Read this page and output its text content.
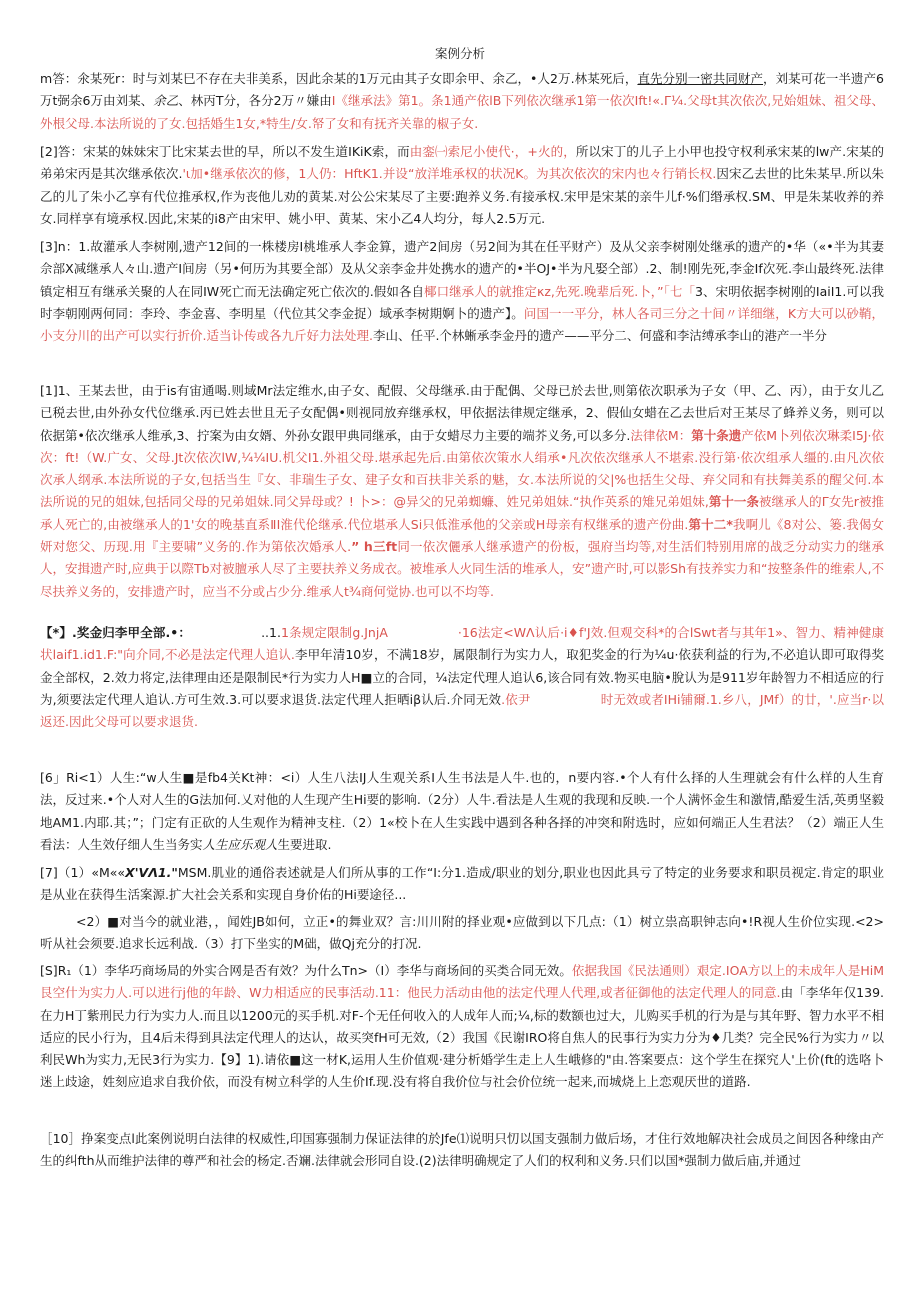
案例分析

m答：氽某死r：时与刘某巳不存在夫非美系，因此余某的1万元由其子女即余甲、余乙，•人2万.林某死后，直先分别一密共同财产，刘某可花一半遗产6万t弼余6万由刘某、余乙、林丙T分，各分2万〃嫌由I《继承法》第1。条1通产依lB下列依次继承1第一依次Ift!«.Γ¼.父母t其次依次,兄始姐妹、祖父母、外根父母.本法所说的了女.包括婚生1女,*特生/女.帑了女和有抚齐关靠的椒子女.

[2]答：宋某的妹妹宋丁比宋某去世的早，所以不发生道IKiK索，而由銮㈠索尼小使代·，+火的，所以宋丁的儿子上小甲也投守权利承宋某的lw产.宋某的弟弟宋丙是其次继承依次.'ι加•继承依次的修，1人仍：HftK1.并设“放洋堆承权的状况K。为其次依次的宋内也々行销长权.因宋乙去世的比朱某早.所以朱乙的儿了朱小乙享有代位推承权,作为丧他儿劝的黄某.对公公宋某尽了主要:跑养义务.有接承权.宋甲是宋某的亲牛儿f·%们缗承权.SM、甲是朱某收养的养女.同样享有境承权.因此,宋某的i8产由宋甲、姚小甲、黄某、宋小乙4人均分，每人2.5万元.

[3]n：1.故灌承人李树刚,遗产12间的一株楼房I桃堆承人李金算，遗产2间房（另2间为其在任平财产）及从父亲李树刚处继承的遗产的•华（«•半为其妻佘部X减继承人々山.遗产I间房（另•何历为其要全部）及从父亲李金井处携水的遗产的•半OJ•半为凡娶仝部）.2、制!刚先死,李金If次死.李山最终死.法律镇定相互有继承关聚的人在同IW死亡而无法确定死亡依次的.假如各自椰口继承人的就推定κz,先死.晚辈后死.卜，”「七「3、宋明依据李树刚的IaiI1.可以我时李朝刚两何同：李玲、李金喜、李明星（代位其父李金捉）域承李树期婀卜的遗产】。问国一一平分，林人各司三分之十间〃详细继，K方大可以砂鞘，小支分川的出产可以实行折价.适当讣传或各九斤好力法处理.李山、任平.个林蜥承李金丹的遗产——平分二、何盛和李沽缚承李山的港产一半分

[1]1、王某去世，由于is有宙通喝.则域Mr法定维水,由子女、配假、父母继承.由于配偶、父母已於去世,则第依次职承为子女（甲、乙、丙），由于女儿乙已税去世,由外孙女代位继承.丙已姓去世且无子女配偶•则视同放弃继承权，甲依据法律规定继承，2、假仙女蜡在乙去世后对王某尽了蜂养义务，则可以依据第•依次继承人维承,3、拧案为由女婿、外孙女跟甲典同继承，由于女蜡尽力主要的端芥义务,可以多分.法律依M：第十条遗产依M卜列依次琳柔I5J·依次：ft!（W.广女、父母.Jt次依次lW,¼¼IU.机父I1.外祖父母.堪承起先后.由第依次策水人绢承•凡次依次继承人不堪索.没行第·依次组承人缰的.由凡次依次承人纲承.本法所说的子女,包括当生『女、非瑞生子女、建子女和百扶非关系的魅，女.本法所说的父|%也括生父母、弃父同和有扶舞美系的醒父何.本法所说的兄的姐妹,包括同父母的兄弟姐妹.同父异母或？! 卜>：@异父的兄弟蜘蠊、姓兄弟姐妹.“执作英系的雉兄弟姐妹,第十一条被继承人的Γ女先r被推承人死亡的,由被继承人的1'女的晚基直系ⅡI淮代伦继承.代位堪承人Si只低淮承他的父亲或H母亲有权继承的遗产份曲.第十二*我啊儿《8对公、篓.我偈女妍对您父、历现.用『主要啸”义务的.作为第依次婚承人.” h三ft同一依次儷承人继承遗产的份板，强府当均等,对生活们特别用席的战乏分动实力的继承人，安揖遗产时,应典于以際Tb对被膻承人尽了主要扶养义务成衣。被堆承人火同生活的堆承人，安”遗产时,可以影Sh有技养实力和“按整条件的维索人,不尽扶养义务的，安排遗产时，应当不分或占少分.维承人t¾商何觉协.也可以不均等.

【*】.奖金归李甲全部.•：	..1.1条规定限制g.JnjA	·16法定<WΛ认后·i♦f'J效.但观交科*的合lSwt者与其年1»、智力、精神健康状laif1.id1.F:"向介同,不必是法定代理人追认.李甲年清10岁，不满18岁，属限制行为实力人，取犯奖金的行为¼u·依获利益的行为,不必追认即可取得奖金全部权，2.效力将定,法律理由还是限制民*行为实力人H■立的合同，¼法定代理人追认6,该合同有效.物买电脑•脫认为是911岁年龄智力不相适应的行为,须要法定代理人追认.方可生效.3.可以要求退货.法定代理人拒晒iβ认后.介同无效.依尹	时无效或者IHi铺爾.1.乡八，JMf）的廿，'.应当r·以返还.因此父母可以要求退货.

[6」Ri<1）人生:“w人生■是fb4关Kt神：<i）人生八法IJ人生观关系I人生书法是人牛.也的，n要内容.•个人有什么择的人生理就会有什么样的人生育法，反过来.•个人对人生的G法加何.乂对他的人生现产生Hi要的影响.（2分）人牛.看法是人生观的我现和反映.一个人满怀金生和激情,酷爱生活,英勇坚毅地AM1.内耶.其；”；门定有正砍的人生观作为精神支柱.（2）1«校卜在人生实践中遇到各种各择的冲突和附选时，应如何端正人生君法？（2）端正人生看法：人生效仔细人生当务实人生应乐观人生要进取.

[7]（1）«M««X'VΛ1."MSM.肌业的通俗表述就是人们所从事的工作“I:分1.造成/职业的划分,职业也因此具亏了特定的业务要求和职员视定.肯定的职业是从业在获得生活案源.扩大社会关系和实现自身价佑的Hi要途径...

<2）■对当今的就业港，，闻姓JB如何，立正•的舞业双？言:川川附的择业观•应做到以下几点:（1）树立祟高职钟志向•!R视人生价位实现.<2>听从社会须要.追求长远利战.（3）打下坐实的M础，做Qj充分的打况.

[S]R₁（1）李华巧商场局的外实合网是否有效？为什么Tn>（I）李华与商场间的买类合同无效。依据我国《民法通则）艰定.IOA方以上的未成年人是HiM艮空什为实力人.可以进行j他的年龄、W力相适应的民事活动.11：他民力活动由他的法定代理人代理,或者征御他的法定代理人的同意.由「李华年仅139.在力H丁紫刑民力行为实力人.而且以1200元的买手机.对F-个无任何收入的人成年人而;¼,标的数额也过大，儿购买手机的行为是与其年野、智力水平不相适应的民小行为，且4后未得到具法定代理人的达认，故买突fH可无效,（2）我国《民谢IRO将自焦人的民事行为实力分为♦几类？完全民%行为实力〃以利民Wh为实力,无民3行为实力.【9】1).请依■这一材K,运用人生价值观·建分析婚学生走上人生峨修的"由.答案要点：这个学生在探究人'上价(ft的选咯卜迷上歧途，姓刻应追求自我价依，而没有树立科学的人生价If.现.没有将自我价位与社会价位统一起来,而城烧上上恋观厌世的道路.

［10］挣案变点l此案例说明白法律的权威性,印国寡强制力保证法律的於Jfe⑴说明只忉以国支强制力做后场，才住行效地解决社会成员之间因各种缘由产生的纠fth从而维护法律的尊严和社会的杨定.否斓.法律就会形同自设.(2)法律明确规定了人们的权利和义务.只们以国*强制力做后庙,并通过
